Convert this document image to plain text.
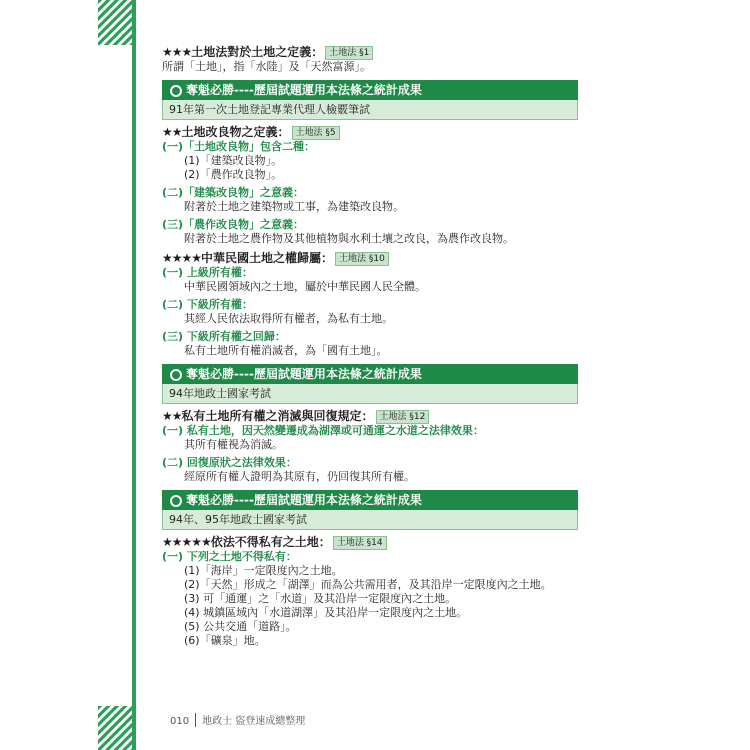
★★★土地法對於土地之定義： 土地法 §1
所謂「土地」，指「水陸」及「天然富源」。
奪魁必勝----歷屆試題運用本法條之統計成果
91年第一次土地登記專業代理人檢覈筆試
★★土地改良物之定義： 土地法 §5
(一)「土地改良物」包含二種：
(1)「建築改良物」。
(2)「農作改良物」。
(二)「建築改良物」之意義：
附著於土地之建築物或工事，為建築改良物。
(三)「農作改良物」之意義：
附著於土地之農作物及其他植物與水利土壤之改良，為農作改良物。
★★★★中華民國土地之權歸屬： 土地法 §10
(一) 上級所有權：
中華民國領域內之土地，屬於中華民國人民全體。
(二) 下級所有權：
其經人民依法取得所有權者，為私有土地。
(三) 下級所有權之回歸：
私有土地所有權消滅者，為「國有土地」。
奪魁必勝----歷屆試題運用本法條之統計成果
94年地政士國家考試
★★私有土地所有權之消滅與回復規定： 土地法 §12
(一) 私有土地，因天然變遷成為湖澤或可通運之水道之法律效果：
其所有權視為消滅。
(二) 回復原狀之法律效果：
經原所有權人證明為其原有，仍回復其所有權。
奪魁必勝----歷屆試題運用本法條之統計成果
94年、95年地政士國家考試
★★★★★依法不得私有之土地： 土地法 §14
(一) 下列之土地不得私有：
(1)「海岸」一定限度內之土地。
(2)「天然」形成之「湖澤」而為公共需用者，及其沿岸一定限度內之土地。
(3) 可「通運」之「水道」及其沿岸一定限度內之土地。
(4) 城鎮區域內「水道湖澤」及其沿岸一定限度內之土地。
(5) 公共交通「道路」。
(6)「礦泉」地。
010 地政士 盜登速成總整理
